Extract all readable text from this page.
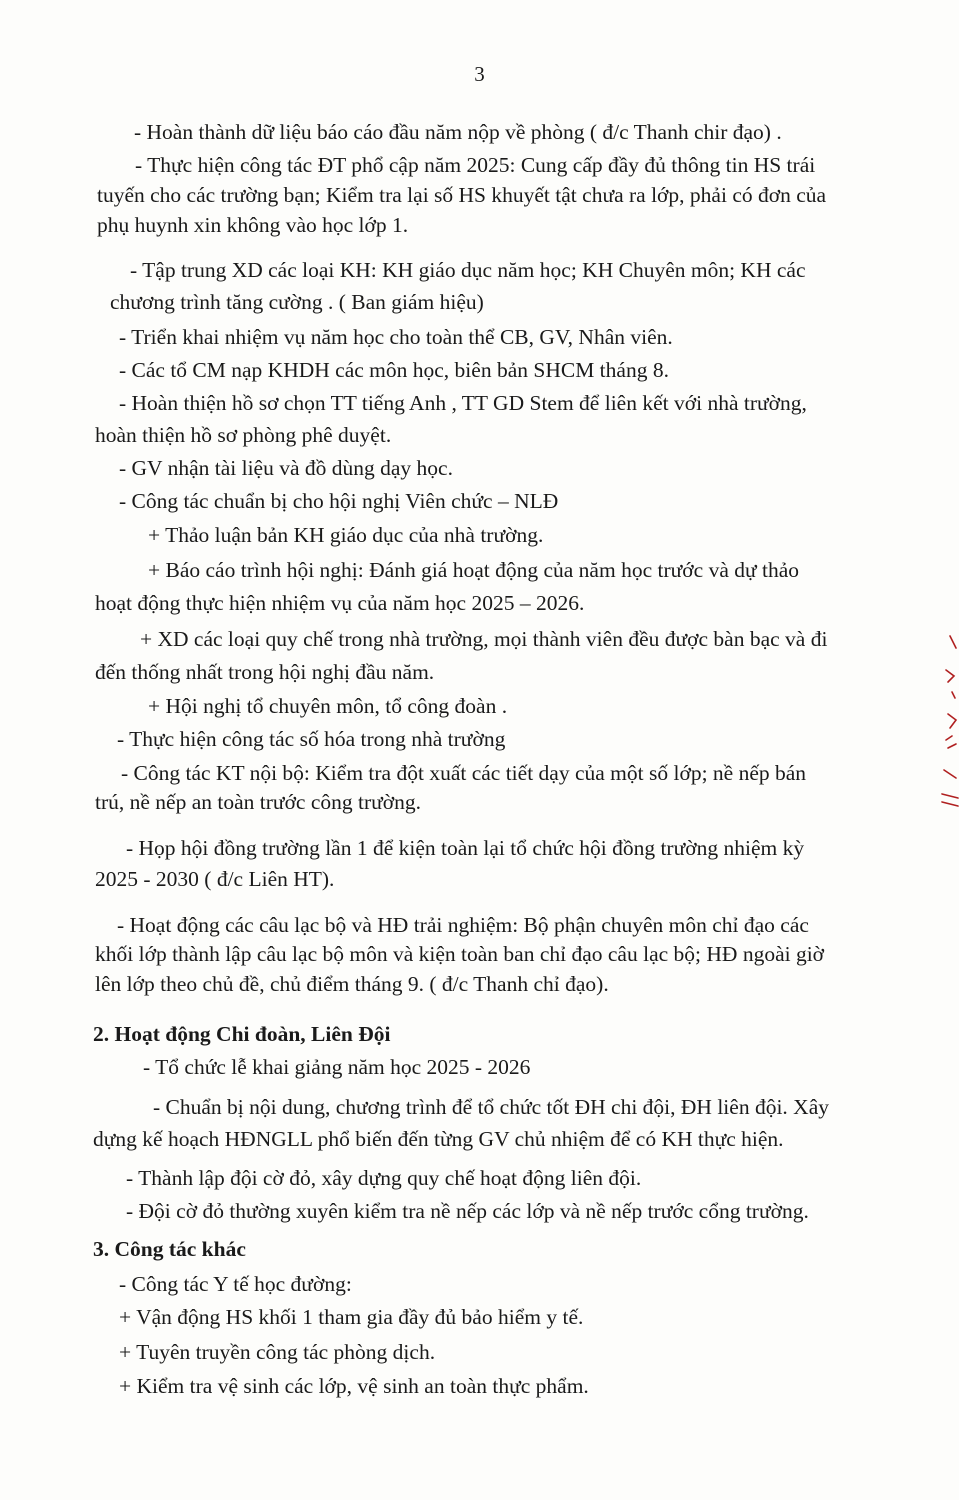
3
- Hoàn thành dữ liệu báo cáo đầu năm nộp về phòng ( đ/c Thanh chir đạo) .
- Thực hiện công tác ĐT phổ cập năm 2025: Cung cấp đầy đủ thông tin HS trái
tuyến cho các trường bạn; Kiểm tra lại số HS khuyết tật chưa ra lớp, phải có đơn của
phụ huynh xin không vào học lớp 1.
- Tập trung XD các loại KH: KH giáo dục năm học; KH Chuyên môn; KH các
chương trình tăng cường . ( Ban giám hiệu)
- Triển khai nhiệm vụ năm học cho toàn thể CB, GV, Nhân viên.
- Các tổ CM nạp KHDH các môn học, biên bản SHCM tháng 8.
- Hoàn thiện hồ sơ chọn TT tiếng Anh , TT GD Stem để liên kết với nhà trường,
hoàn thiện hồ sơ phòng phê duyệt.
- GV nhận tài liệu và đồ dùng dạy học.
- Công tác chuẩn bị cho hội nghị Viên chức – NLĐ
+ Thảo luận bản KH giáo dục của nhà trường.
+ Báo cáo trình hội nghị: Đánh giá hoạt động của năm học trước và dự thảo
hoạt động thực hiện nhiệm vụ của năm học 2025 – 2026.
+ XD các loại quy chế trong nhà trường, mọi thành viên đều được bàn bạc và đi
đến thống nhất trong hội nghị đầu năm.
+ Hội nghị tổ chuyên môn, tổ công đoàn .
- Thực hiện công tác số hóa trong nhà trường
- Công tác KT nội bộ: Kiểm tra đột xuất các tiết dạy của một số lớp; nề nếp bán
trú, nề nếp an toàn trước công trường.
- Họp hội đồng trường lần 1 để kiện toàn lại tổ chức hội đồng trường nhiệm kỳ
2025 - 2030 ( đ/c Liên HT).
- Hoạt động các câu lạc bộ và HĐ trải nghiệm: Bộ phận chuyên môn chỉ đạo các
khối lớp thành lập câu lạc bộ môn và kiện toàn ban chỉ đạo câu lạc bộ; HĐ ngoài giờ
lên lớp theo chủ đề, chủ điểm tháng 9. ( đ/c Thanh chỉ đạo).
2. Hoạt động Chi đoàn, Liên Đội
- Tổ chức lễ khai giảng năm học 2025 - 2026
- Chuẩn bị nội dung, chương trình để tổ chức tốt ĐH chi đội, ĐH liên đội. Xây
dựng kế hoạch HĐNGLL phổ biến đến từng GV chủ nhiệm để có KH thực hiện.
- Thành lập đội cờ đỏ, xây dựng quy chế hoạt động liên đội.
- Đội cờ đỏ thường xuyên kiểm tra nề nếp các lớp và nề nếp trước cổng trường.
3. Công tác khác
- Công tác Y tế học đường:
+ Vận động HS khối 1 tham gia đầy đủ bảo hiểm y tế.
+ Tuyên truyền công tác phòng dịch.
+ Kiểm tra vệ sinh các lớp, vệ sinh an toàn thực phẩm.
